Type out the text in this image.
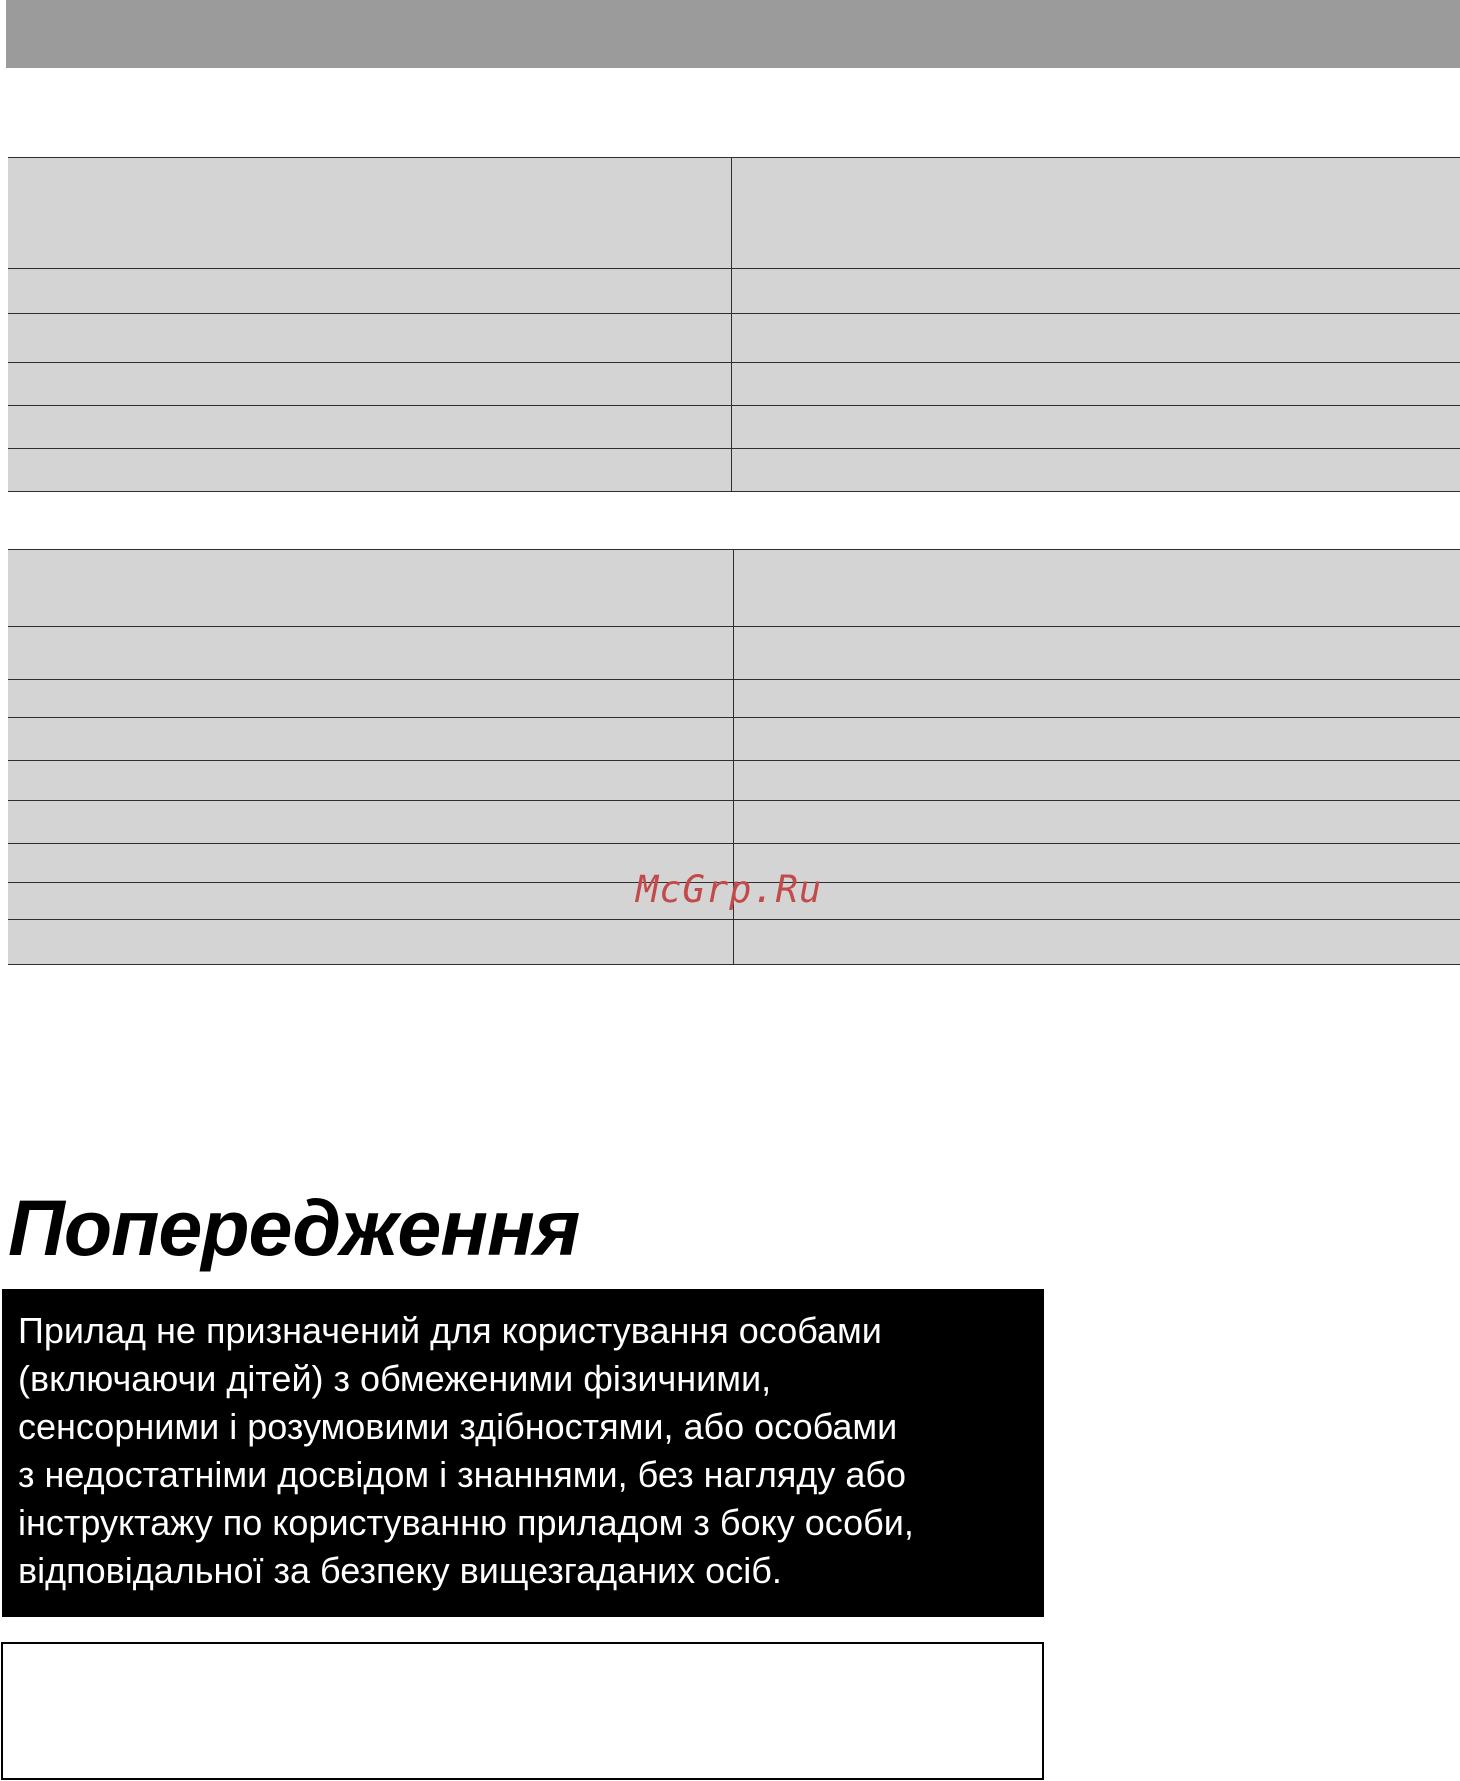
McGrp.Ru
Попередження
Прилад не призначений для користування особами
(включаючи дітей) з обмеженими фізичними,
сенсорними і розумовими здібностями, або особами
з недостатніми досвідом і знаннями, без нагляду або
інструктажу по користуванню приладом з боку особи,
відповідальної за безпеку вищезгаданих осіб.
